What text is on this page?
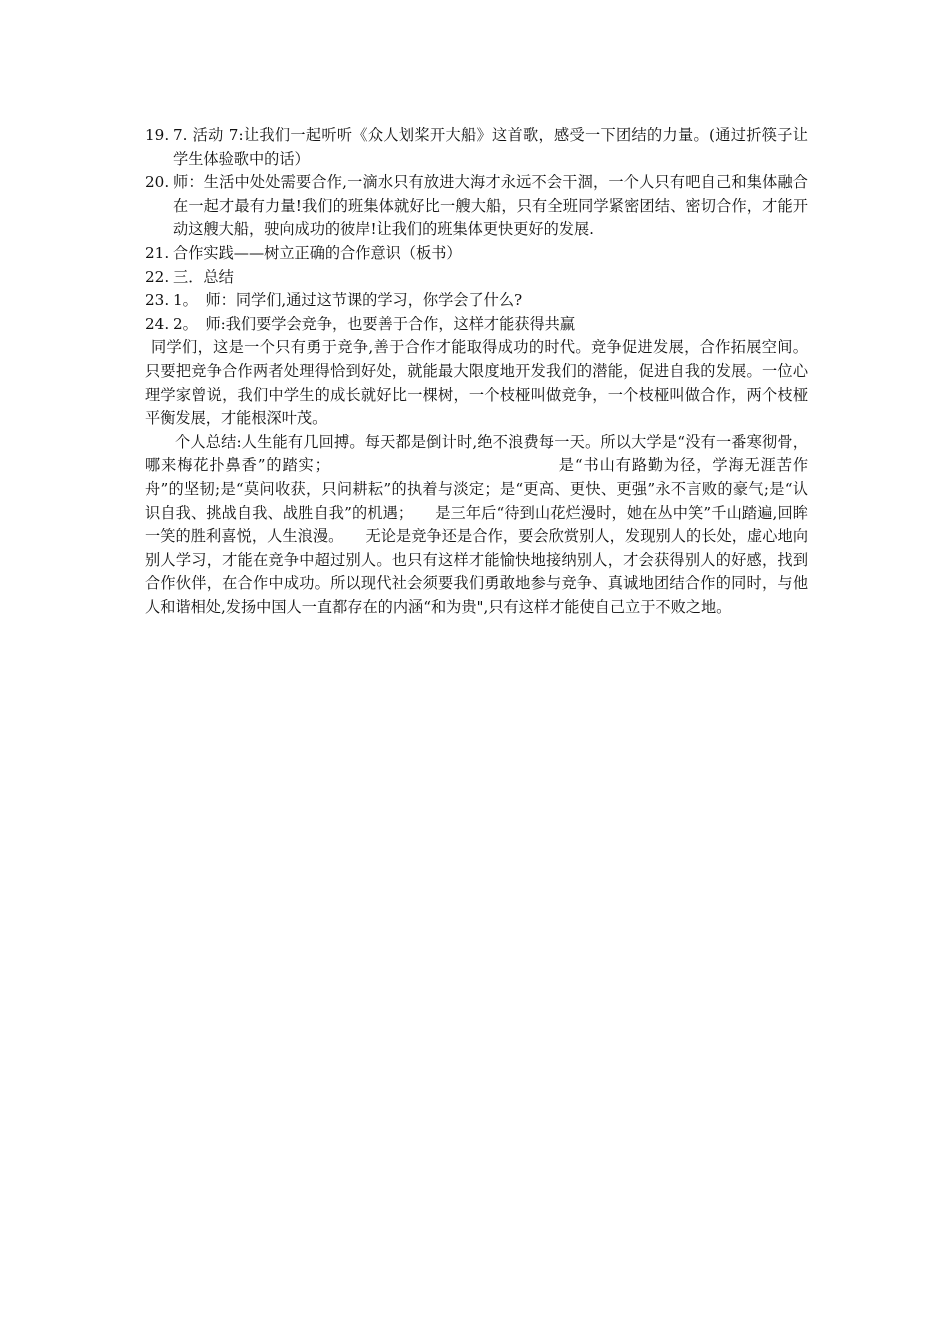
19. 7. 活动 7:让我们一起听听《众人划桨开大船》这首歌，感受一下团结的力量。(通过折筷子让学生体验歌中的话）
20. 师：生活中处处需要合作,一滴水只有放进大海才永远不会干涸，一个人只有吧自己和集体融合在一起才最有力量!我们的班集体就好比一艘大船，只有全班同学紧密团结、密切合作，才能开动这艘大船，驶向成功的彼岸!让我们的班集体更快更好的发展.
21. 合作实践——树立正确的合作意识（板书）
22. 三．总结
23. 1。　师：同学们,通过这节课的学习，你学会了什么?
24. 2。　师:我们要学会竞争，也要善于合作，这样才能获得共赢
同学们，这是一个只有勇于竞争,善于合作才能取得成功的时代。竞争促进发展，合作拓展空间。只要把竞争合作两者处理得恰到好处，就能最大限度地开发我们的潜能，促进自我的发展。一位心理学家曾说，我们中学生的成长就好比一棵树，一个枝桠叫做竞争，一个枝桠叫做合作，两个枝桠平衡发展，才能根深叶茂。
个人总结:人生能有几回搏。每天都是倒计时,绝不浪费每一天。所以大学是“没有一番寒彻骨，哪来梅花扑鼻香”的踏实；	是“书山有路勤为径，学海无涯苦作舟”的坚韧;是“莫问收获，只问耕耘”的执着与淡定；是“更高、更快、更强”永不言败的豪气;是“认识自我、挑战自我、战胜自我”的机遇； 是三年后“待到山花烂漫时，她在丛中笑”千山踏遍,回眸一笑的胜利喜悦，人生浪漫。 无论是竞争还是合作，要会欣赏别人，发现别人的长处，虚心地向别人学习，才能在竞争中超过别人。也只有这样才能愉快地接纳别人，才会获得别人的好感，找到合作伙伴，在合作中成功。所以现代社会须要我们勇敢地参与竞争、真诚地团结合作的同时，与他人和谐相处,发扬中国人一直都存在的内涵“和为贵",只有这样才能使自己立于不败之地。
